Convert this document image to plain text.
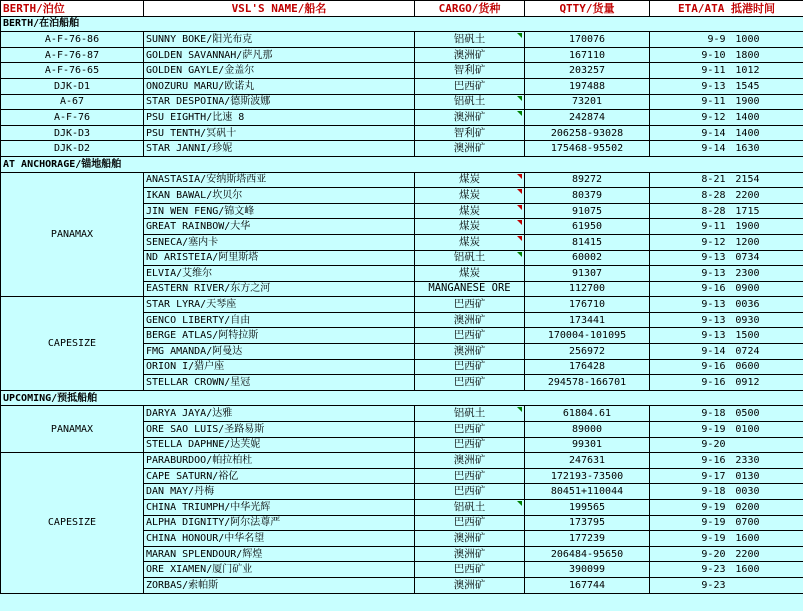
BERTH/泊位	VSL'S NAME/船名	CARGO/货种	QTTY/货量	ETA/ATA 抵港时间
BERTH/在泊船舶				
A-F-76-86	SUNNY BOKE/阳光布克	铝矾土	170076	9-9 1000
A-F-76-87	GOLDEN SAVANNAH/萨凡那	澳洲矿	167110	9-10 1800
A-F-76-65	GOLDEN GAYLE/金盖尔	智利矿	203257	9-11 1012
DJK-D1	ONOZURU MARU/欧诺丸	巴西矿	197488	9-13 1545
A-67	STAR DESPOINA/德斯波娜	铝矾土	73201	9-11 1900
A-F-76	PSU EIGHTH/比速 8	澳洲矿	242874	9-12 1400
DJK-D3	PSU TENTH/冥矾十	智利矿	206258-93028	9-14 1400
DJK-D2	STAR JANNI/珍妮	澳洲矿	175468-95502	9-14 1630
AT ANCHORAGE/锚地船舶				
PANAMAX	ANASTASIA/安纳斯塔西亚	煤炭	89272	8-21 2154
	IKAN BAWAL/坎贝尔	煤炭	80379	8-28 2200
	JIN WEN FENG/锦文峰	煤炭	91075	8-28 1715
	GREAT RAINBOW/大华	煤炭	61950	9-11 1900
	SENECA/塞内卡	煤炭	81415	9-12 1200
	ND ARISTEIA/阿里斯塔	铝矾土	60002	9-13 0734
	ELVIA/艾维尔	煤炭	91307	9-13 2300
	EASTERN RIVER/东方之河	MANGANESE ORE	112700	9-16 0900
CAPESIZE	STAR LYRA/天琴座	巴西矿	176710	9-13 0036
	GENCO LIBERTY/自由	澳洲矿	173441	9-13 0930
	BERGE ATLAS/阿特拉斯	巴西矿	170004-101095	9-13 1500
	FMG AMANDA/阿曼达	澳洲矿	256972	9-14 0724
	ORION I/猎户座	巴西矿	176428	9-16 0600
	STELLAR CROWN/星冠	巴西矿	294578-166701	9-16 0912
UPCOMING/预抵船舶				
PANAMAX	DARYA JAYA/达雅	铝矾土	61804.61	9-18 0500
	ORE SAO LUIS/圣路易斯	巴西矿	89000	9-19 0100
	STELLA DAPHNE/达芙妮	巴西矿	99301	9-20
CAPESIZE	PARABURDOO/帕拉柏杜	澳洲矿	247631	9-16 2330
	CAPE SATURN/裕亿	巴西矿	172193-73500	9-17 0130
	DAN MAY/丹梅	巴西矿	80451+110044	9-18 0030
	CHINA TRIUMPH/中华光辉	铝矾土	199565	9-19 0200
	ALPHA DIGNITY/阿尔法尊严	巴西矿	173795	9-19 0700
	CHINA HONOUR/中华名望	澳洲矿	177239	9-19 1600
	MARAN SPLENDOUR/辉煌	澳洲矿	206484-95650	9-20 2200
	ORE XIAMEN/厦门矿业	巴西矿	390099	9-23 1600
	ZORBAS/索帕斯	澳洲矿	167744	9-23
